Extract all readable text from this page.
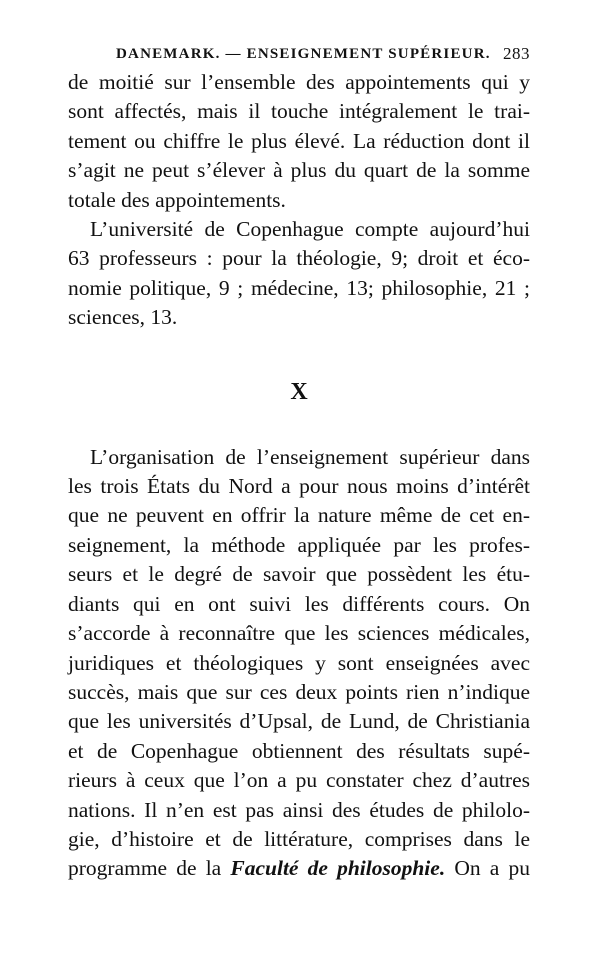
DANEMARK. — ENSEIGNEMENT SUPÉRIEUR. 283

de moitié sur l’ensemble des appointements qui y
sont affectés, mais il touche intégralement le trai-
tement ou chiffre le plus élevé. La réduction dont il
s’agit ne peut s’élever à plus du quart de la somme
totale des appointements.

L’université de Copenhague compte aujourd’hui
63 professeurs : pour la théologie, 9; droit et éco-
nomie politique, 9 ; médecine, 13; philosophie, 21 ;
sciences, 13.

X

L’organisation de l’enseignement supérieur dans
les trois États du Nord a pour nous moins d’intérêt
que ne peuvent en offrir la nature même de cet en-
seignement, la méthode appliquée par les profes-
seurs et le degré de savoir que possèdent les étu-
diants qui en ont suivi les différents cours. On
s’accorde à reconnaître que les sciences médicales,
juridiques et théologiques y sont enseignées avec
succès, mais que sur ces deux points rien n’indique
que les universités d’Upsal, de Lund, de Christiania
et de Copenhague obtiennent des résultats supé-
rieurs à ceux que l’on a pu constater chez d’autres
nations. Il n’en est pas ainsi des études de philolo-
gie, d’histoire et de littérature, comprises dans le
programme de la Faculté de philosophie. On a pu
